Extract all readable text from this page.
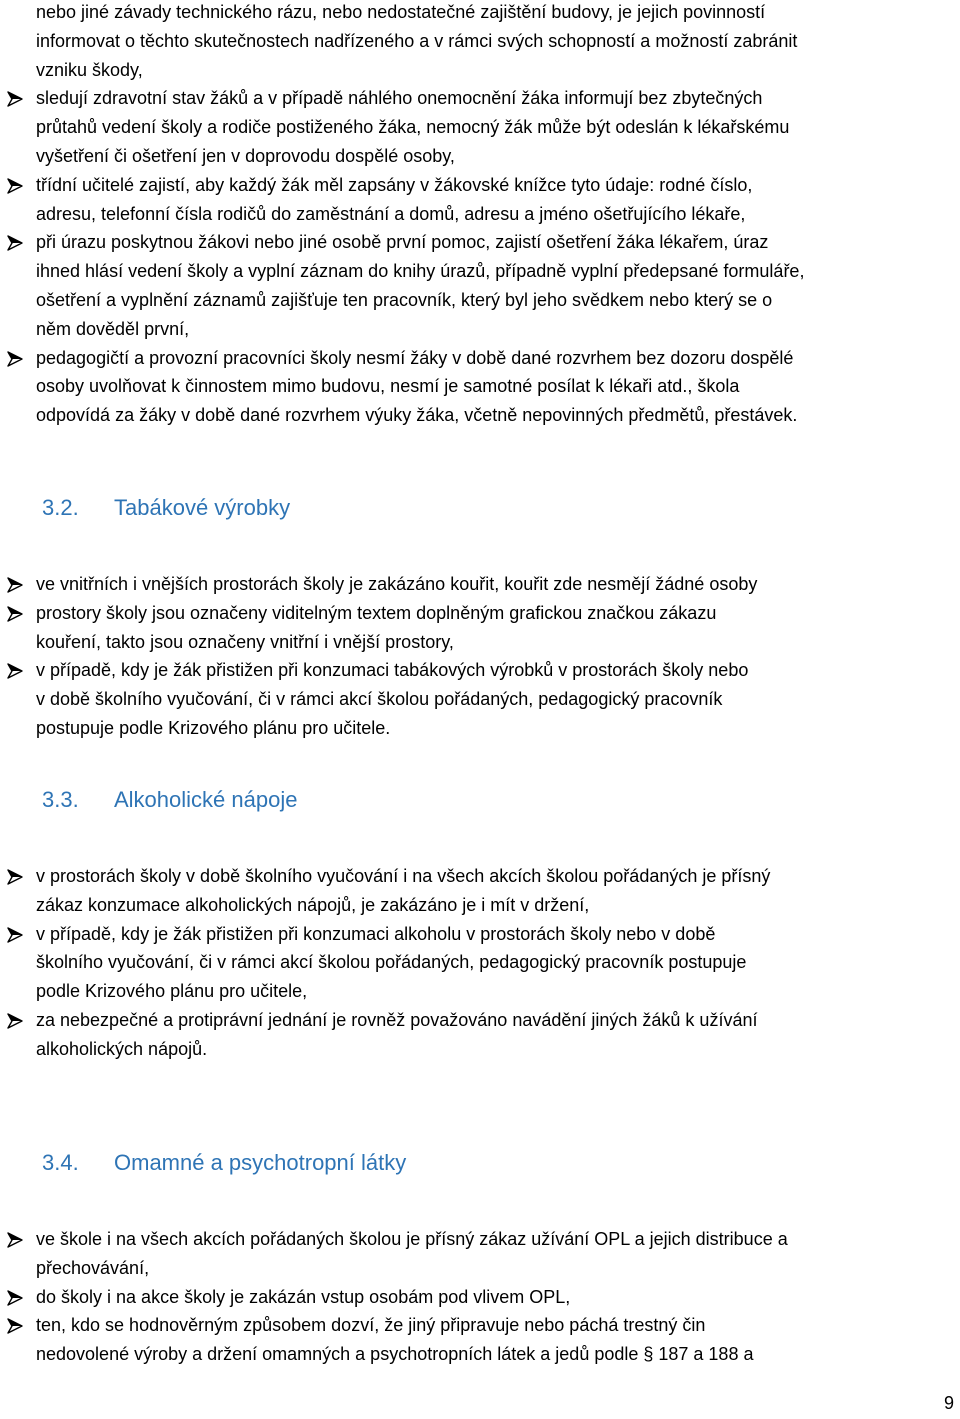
nebo jiné závady technického rázu, nebo nedostatečné zajištění budovy, je jejich povinností
informovat o těchto skutečnostech nadřízeného a v rámci svých schopností a možností zabránit
vzniku škody,
sledují zdravotní stav žáků a v případě náhlého onemocnění žáka informují bez zbytečných
průtahů vedení školy a rodiče postiženého žáka, nemocný žák může být odeslán k lékařskému
vyšetření či ošetření jen v doprovodu dospělé osoby,
třídní učitelé zajistí, aby každý žák měl zapsány v žákovské knížce tyto údaje: rodné číslo,
adresu, telefonní čísla rodičů do zaměstnání a domů, adresu a jméno ošetřujícího lékaře,
při úrazu poskytnou žákovi nebo jiné osobě první pomoc, zajistí ošetření žáka lékařem, úraz
ihned hlásí vedení školy a vyplní záznam do knihy úrazů, případně vyplní předepsané formuláře,
ošetření a vyplnění záznamů zajišťuje ten pracovník, který byl jeho svědkem nebo který se o
něm dověděl první,
pedagogičtí a provozní pracovníci školy nesmí žáky v době dané rozvrhem bez dozoru dospělé
osoby uvolňovat k činnostem mimo budovu, nesmí je samotné posílat k lékaři atd., škola
odpovídá za žáky v době dané rozvrhem výuky žáka, včetně nepovinných předmětů, přestávek.
3.2. Tabákové výrobky
ve vnitřních i vnějších prostorách školy je zakázáno kouřit, kouřit zde nesmějí žádné osoby
prostory školy jsou označeny viditelným textem doplněným grafickou značkou zákazu
kouření, takto jsou označeny vnitřní i vnější prostory,
v případě, kdy je žák přistižen při konzumaci tabákových výrobků v prostorách školy nebo
v době školního vyučování, či v rámci akcí školou pořádaných, pedagogický pracovník
postupuje podle Krizového plánu pro učitele.
3.3. Alkoholické nápoje
v prostorách školy v době školního vyučování i na všech akcích školou pořádaných je přísný
zákaz konzumace alkoholických nápojů, je zakázáno je i mít v držení,
v případě, kdy je žák přistižen při konzumaci alkoholu v prostorách školy nebo v době
školního vyučování, či v rámci akcí školou pořádaných, pedagogický pracovník postupuje
podle Krizového plánu pro učitele,
za nebezpečné a protiprávní jednání je rovněž považováno navádění jiných žáků k užívání
alkoholických nápojů.
3.4. Omamné a psychotropní látky
ve škole i na všech akcích pořádaných školou je přísný zákaz užívání OPL a jejich distribuce a
přechovávání,
do školy i na akce školy je zakázán vstup osobám pod vlivem OPL,
ten, kdo se hodnověrným způsobem dozví, že jiný připravuje nebo páchá trestný čin
nedovolené výroby a držení omamných a psychotropních látek a jedů podle § 187 a 188 a
9
